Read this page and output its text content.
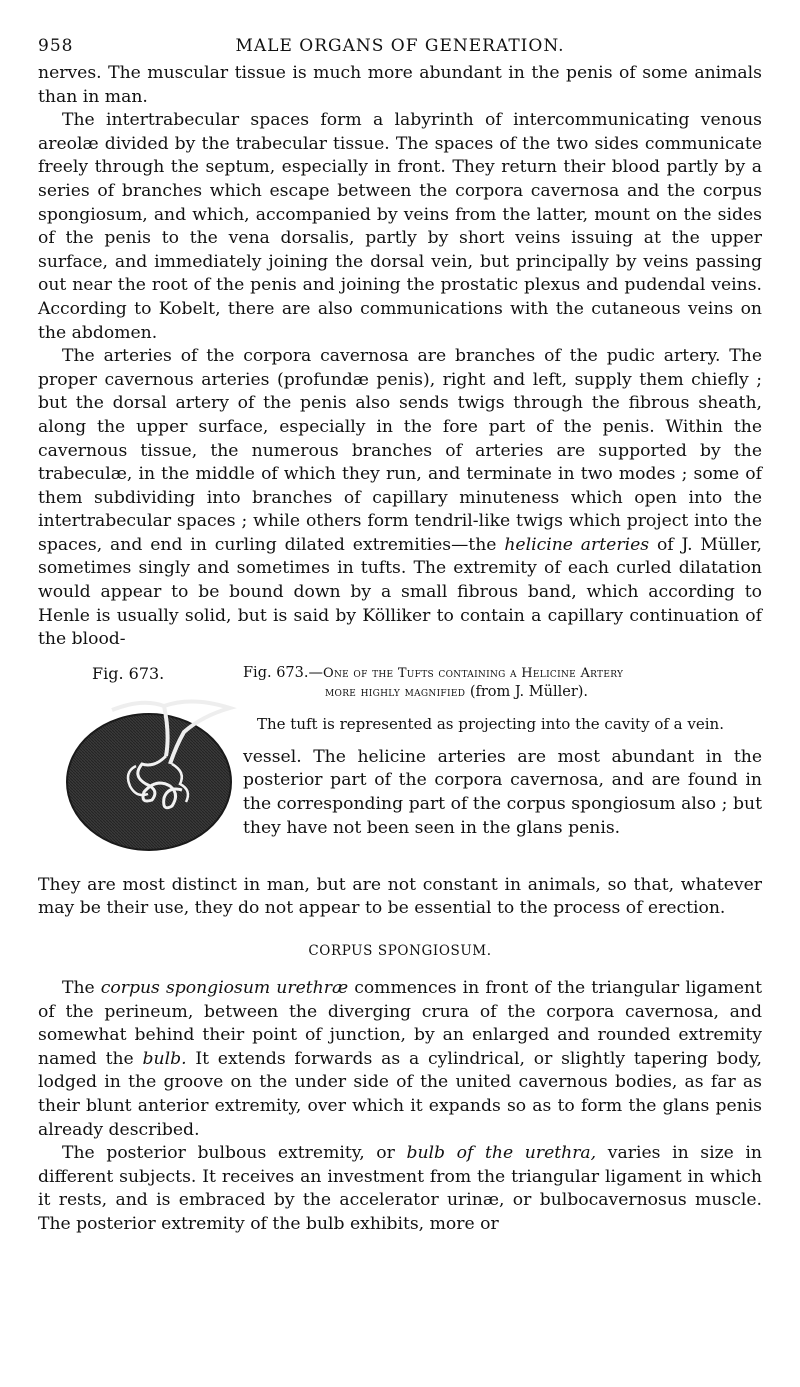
958	MALE ORGANS OF GENERATION.

nerves. The muscular tissue is much more abundant in the penis of some animals than in man.

The intertrabecular spaces form a labyrinth of intercommunicating venous areolæ divided by the trabecular tissue. The spaces of the two sides communicate freely through the septum, especially in front. They return their blood partly by a series of branches which escape between the corpora cavernosa and the corpus spongiosum, and which, accompanied by veins from the latter, mount on the sides of the penis to the vena dorsalis, partly by short veins issuing at the upper surface, and immediately joining the dorsal vein, but principally by veins passing out near the root of the penis and joining the prostatic plexus and pudendal veins. According to Kobelt, there are also communications with the cutaneous veins on the abdomen.

The arteries of the corpora cavernosa are branches of the pudic artery. The proper cavernous arteries (profundæ penis), right and left, supply them chiefly ; but the dorsal artery of the penis also sends twigs through the fibrous sheath, along the upper surface, especially in the fore part of the penis. Within the cavernous tissue, the numerous branches of arteries are supported by the trabeculæ, in the middle of which they run, and terminate in two modes ; some of them subdividing into branches of capillary minuteness which open into the intertrabecular spaces ; while others form tendril-like twigs which project into the spaces, and end in curling dilated extremities—the helicine arteries of J. Müller, sometimes singly and sometimes in tufts. The extremity of each curled dilatation would appear to be bound down by a small fibrous band, which according to Henle is usually solid, but is said by Kölliker to contain a capillary continuation of the blood-

Fig. 673.	Fig. 673.—One of the Tufts containing a Helicine Artery
more highly magnified (from J. Müller).

The tuft is represented as projecting into the cavity of a vein.

vessel. The helicine arteries are most abundant in the posterior part of the corpora cavernosa, and are found in the corresponding part of the corpus spongiosum also ; but they have not been seen in the glans penis.

They are most distinct in man, but are not constant in animals, so that, whatever may be their use, they do not appear to be essential to the process of erection.

CORPUS SPONGIOSUM.

The corpus spongiosum urethræ commences in front of the triangular ligament of the perineum, between the diverging crura of the corpora cavernosa, and somewhat behind their point of junction, by an enlarged and rounded extremity named the bulb. It extends forwards as a cylindrical, or slightly tapering body, lodged in the groove on the under side of the united cavernous bodies, as far as their blunt anterior extremity, over which it expands so as to form the glans penis already described.

The posterior bulbous extremity, or bulb of the urethra, varies in size in different subjects. It receives an investment from the triangular ligament in which it rests, and is embraced by the accelerator urinæ, or bulbocavernosus muscle. The posterior extremity of the bulb exhibits, more or
